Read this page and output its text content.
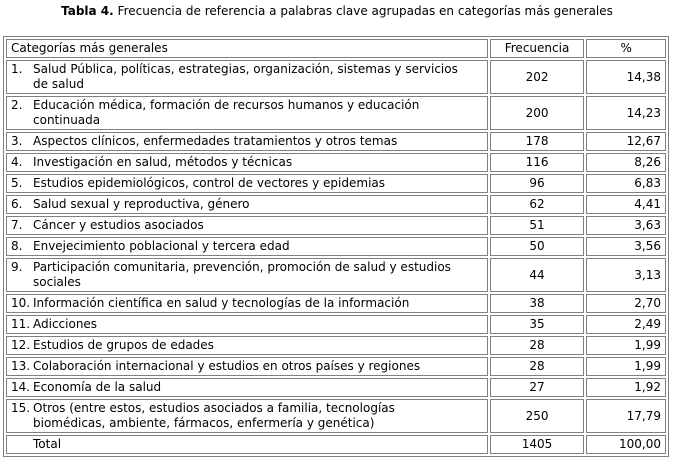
Tabla 4. Frecuencia de referencia a palabras clave agrupadas en categorías más generales
Categorías más generales	Frecuencia	%
1. Salud Pública, políticas, estrategias, organización, sistemas y servicios de salud	202	14,38
2. Educación médica, formación de recursos humanos y educación continuada	200	14,23
3. Aspectos clínicos, enfermedades tratamientos y otros temas	178	12,67
4. Investigación en salud, métodos y técnicas	116	8,26
5. Estudios epidemiológicos, control de vectores y epidemias	96	6,83
6. Salud sexual y reproductiva, género	62	4,41
7. Cáncer y estudios asociados	51	3,63
8. Envejecimiento poblacional y tercera edad	50	3,56
9. Participación comunitaria, prevención, promoción de salud y estudios sociales	44	3,13
10. Información científica en salud y tecnologías de la información	38	2,70
11. Adicciones	35	2,49
12. Estudios de grupos de edades	28	1,99
13. Colaboración internacional y estudios en otros países y regiones	28	1,99
14. Economía de la salud	27	1,92
15. Otros (entre estos, estudios asociados a familia, tecnologías biomédicas, ambiente, fármacos, enfermería y genética)	250	17,79
Total	1405	100,00
